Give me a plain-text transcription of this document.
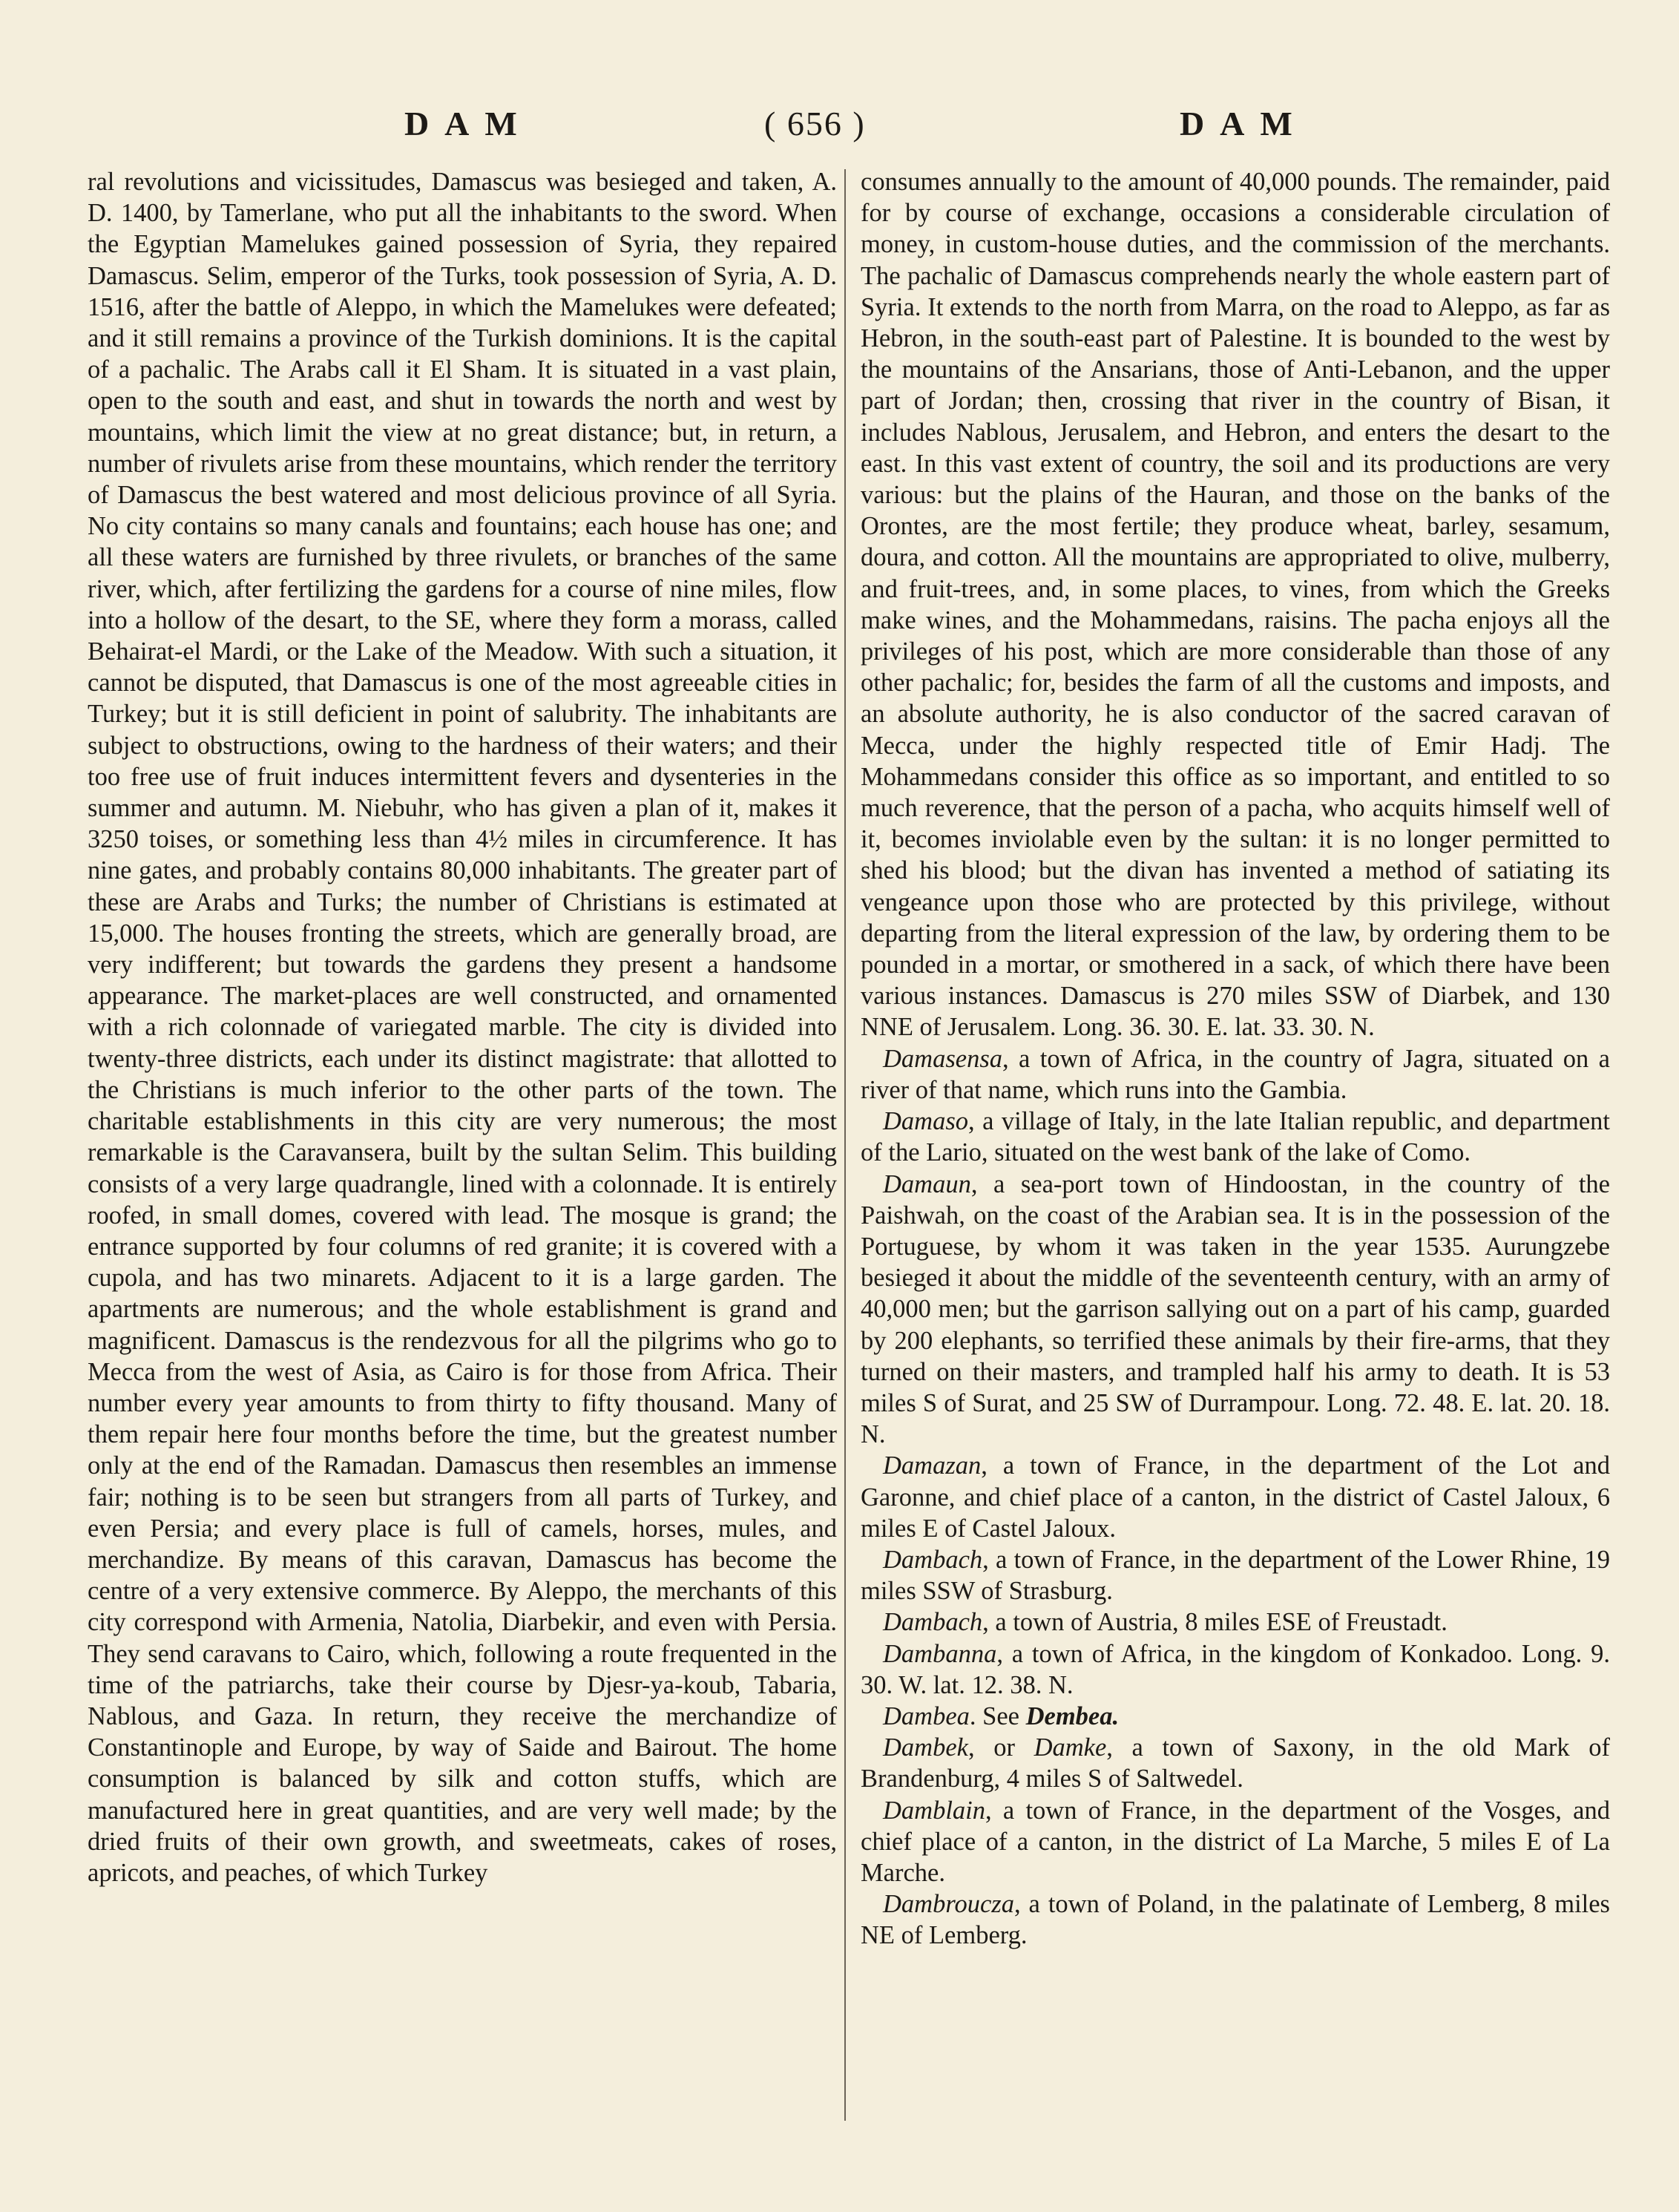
D A M	( 656 )	D A M

ral revolutions and vicissitudes, Damascus was besieged and taken, A. D. 1400, by Tamerlane, who put all the inhabitants to the sword. When the Egyptian Mamelukes gained possession of Syria, they repaired Damascus. Selim, emperor of the Turks, took possession of Syria, A. D. 1516, after the battle of Aleppo, in which the Mamelukes were defeated; and it still remains a province of the Turkish dominions. It is the capital of a pachalic. The Arabs call it El Sham. It is situated in a vast plain, open to the south and east, and shut in towards the north and west by mountains, which limit the view at no great distance; but, in return, a number of rivulets arise from these mountains, which render the territory of Damascus the best watered and most delicious province of all Syria. No city contains so many canals and fountains; each house has one; and all these waters are furnished by three rivulets, or branches of the same river, which, after fertilizing the gardens for a course of nine miles, flow into a hollow of the desart, to the SE, where they form a morass, called Behairat-el Mardi, or the Lake of the Meadow. With such a situation, it cannot be disputed, that Damascus is one of the most agreeable cities in Turkey; but it is still deficient in point of salubrity. The inhabitants are subject to obstructions, owing to the hardness of their waters; and their too free use of fruit induces intermittent fevers and dysenteries in the summer and autumn. M. Niebuhr, who has given a plan of it, makes it 3250 toises, or something less than 4½ miles in circumference. It has nine gates, and probably contains 80,000 inhabitants. The greater part of these are Arabs and Turks; the number of Christians is estimated at 15,000. The houses fronting the streets, which are generally broad, are very indifferent; but towards the gardens they present a handsome appearance. The market-places are well constructed, and ornamented with a rich colonnade of variegated marble. The city is divided into twenty-three districts, each under its distinct magistrate: that allotted to the Christians is much inferior to the other parts of the town. The charitable establishments in this city are very numerous; the most remarkable is the Caravansera, built by the sultan Selim. This building consists of a very large quadrangle, lined with a colonnade. It is entirely roofed, in small domes, covered with lead. The mosque is grand; the entrance supported by four columns of red granite; it is covered with a cupola, and has two minarets. Adjacent to it is a large garden. The apartments are numerous; and the whole establishment is grand and magnificent. Damascus is the rendezvous for all the pilgrims who go to Mecca from the west of Asia, as Cairo is for those from Africa. Their number every year amounts to from thirty to fifty thousand. Many of them repair here four months before the time, but the greatest number only at the end of the Ramadan. Damascus then resembles an immense fair; nothing is to be seen but strangers from all parts of Turkey, and even Persia; and every place is full of camels, horses, mules, and merchandize. By means of this caravan, Damascus has become the centre of a very extensive commerce. By Aleppo, the merchants of this city correspond with Armenia, Natolia, Diarbekir, and even with Persia. They send caravans to Cairo, which, following a route frequented in the time of the patriarchs, take their course by Djesr-ya-koub, Tabaria, Nablous, and Gaza. In return, they receive the merchandize of Constantinople and Europe, by way of Saide and Bairout. The home consumption is balanced by silk and cotton stuffs, which are manufactured here in great quantities, and are very well made; by the dried fruits of their own growth, and sweetmeats, cakes of roses, apricots, and peaches, of which Turkey

consumes annually to the amount of 40,000 pounds. The remainder, paid for by course of exchange, occasions a considerable circulation of money, in custom-house duties, and the commission of the merchants. The pachalic of Damascus comprehends nearly the whole eastern part of Syria. It extends to the north from Marra, on the road to Aleppo, as far as Hebron, in the south-east part of Palestine. It is bounded to the west by the mountains of the Ansarians, those of Anti-Lebanon, and the upper part of Jordan; then, crossing that river in the country of Bisan, it includes Nablous, Jerusalem, and Hebron, and enters the desart to the east. In this vast extent of country, the soil and its productions are very various: but the plains of the Hauran, and those on the banks of the Orontes, are the most fertile; they produce wheat, barley, sesamum, doura, and cotton. All the mountains are appropriated to olive, mulberry, and fruit-trees, and, in some places, to vines, from which the Greeks make wines, and the Mohammedans, raisins. The pacha enjoys all the privileges of his post, which are more considerable than those of any other pachalic; for, besides the farm of all the customs and imposts, and an absolute authority, he is also conductor of the sacred caravan of Mecca, under the highly respected title of Emir Hadj. The Mohammedans consider this office as so important, and entitled to so much reverence, that the person of a pacha, who acquits himself well of it, becomes inviolable even by the sultan: it is no longer permitted to shed his blood; but the divan has invented a method of satiating its vengeance upon those who are protected by this privilege, without departing from the literal expression of the law, by ordering them to be pounded in a mortar, or smothered in a sack, of which there have been various instances. Damascus is 270 miles SSW of Diarbek, and 130 NNE of Jerusalem. Long. 36. 30. E. lat. 33. 30. N.

Damasensa, a town of Africa, in the country of Jagra, situated on a river of that name, which runs into the Gambia.

Damaso, a village of Italy, in the late Italian republic, and department of the Lario, situated on the west bank of the lake of Como.

Damaun, a sea-port town of Hindoostan, in the country of the Paishwah, on the coast of the Arabian sea. It is in the possession of the Portuguese, by whom it was taken in the year 1535. Aurungzebe besieged it about the middle of the seventeenth century, with an army of 40,000 men; but the garrison sallying out on a part of his camp, guarded by 200 elephants, so terrified these animals by their fire-arms, that they turned on their masters, and trampled half his army to death. It is 53 miles S of Surat, and 25 SW of Durrampour. Long. 72. 48. E. lat. 20. 18. N.

Damazan, a town of France, in the department of the Lot and Garonne, and chief place of a canton, in the district of Castel Jaloux, 6 miles E of Castel Jaloux.

Dambach, a town of France, in the department of the Lower Rhine, 19 miles SSW of Strasburg.

Dambach, a town of Austria, 8 miles ESE of Freustadt.

Dambanna, a town of Africa, in the kingdom of Konkadoo. Long. 9. 30. W. lat. 12. 38. N.

Dambea. See Dembea.

Dambek, or Damke, a town of Saxony, in the old Mark of Brandenburg, 4 miles S of Saltwedel.

Damblain, a town of France, in the department of the Vosges, and chief place of a canton, in the district of La Marche, 5 miles E of La Marche.

Dambroucza, a town of Poland, in the palatinate of Lemberg, 8 miles NE of Lemberg.
